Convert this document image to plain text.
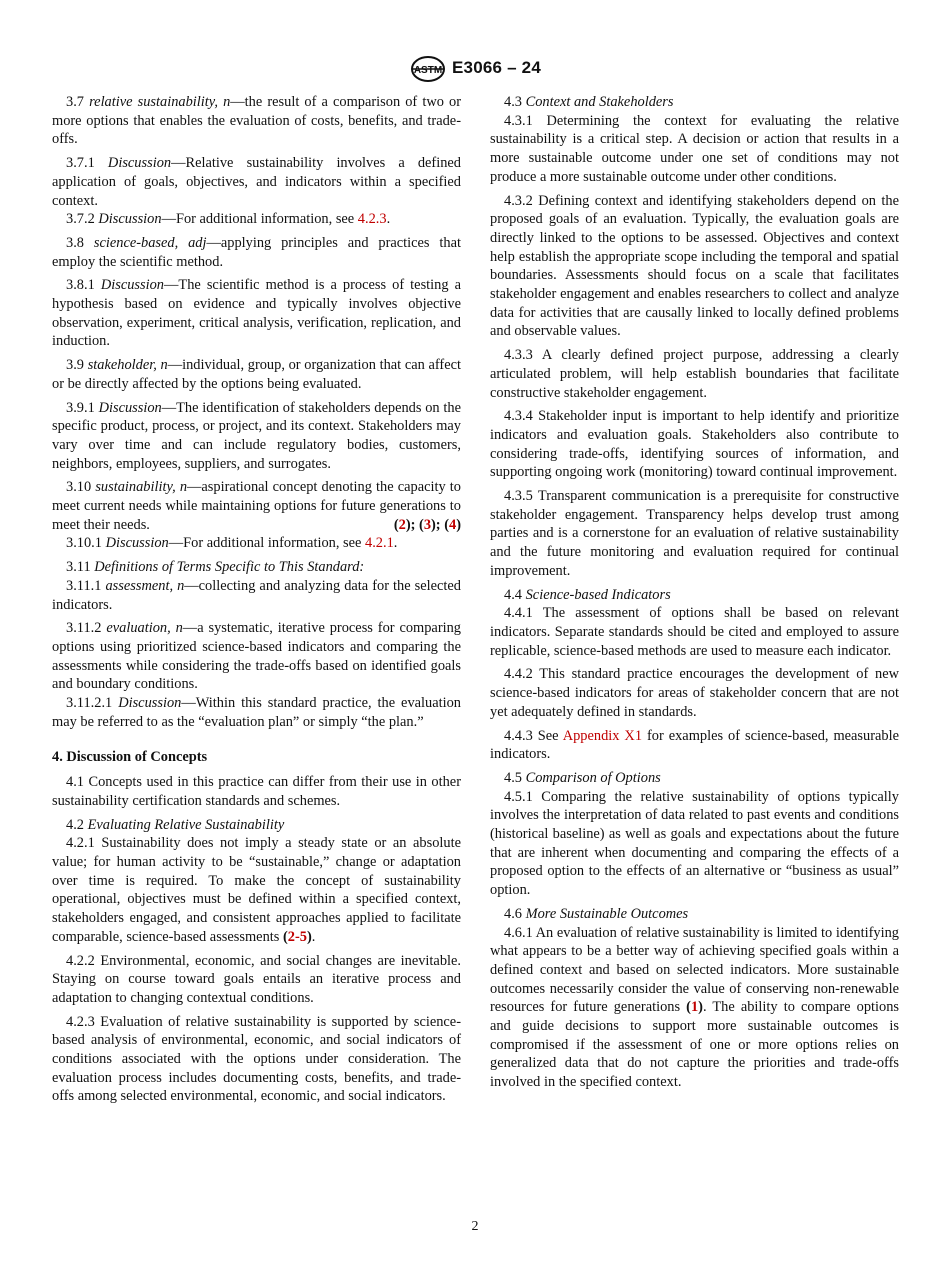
ASTM E3066 – 24

3.7 relative sustainability, n—the result of a comparison of two or more options that enables the evaluation of costs, benefits, and trade-offs.

3.7.1 Discussion—Relative sustainability involves a defined application of goals, objectives, and indicators within a specified context.

3.7.2 Discussion—For additional information, see 4.2.3.

3.8 science-based, adj—applying principles and practices that employ the scientific method.

3.8.1 Discussion—The scientific method is a process of testing a hypothesis based on evidence and typically involves objective observation, experiment, critical analysis, verification, replication, and induction.

3.9 stakeholder, n—individual, group, or organization that can affect or be directly affected by the options being evaluated.

3.9.1 Discussion—The identification of stakeholders depends on the specific product, process, or project, and its context. Stakeholders may vary over time and can include regulatory bodies, customers, neighbors, employees, suppliers, and surrogates.

3.10 sustainability, n—aspirational concept denoting the capacity to meet current needs while maintaining options for future generations to meet their needs.	(2); (3); (4)

3.10.1 Discussion—For additional information, see 4.2.1.

3.11 Definitions of Terms Specific to This Standard:

3.11.1 assessment, n—collecting and analyzing data for the selected indicators.

3.11.2 evaluation, n—a systematic, iterative process for comparing options using prioritized science-based indicators and comparing the assessments while considering the trade-offs based on identified goals and boundary conditions.

3.11.2.1 Discussion—Within this standard practice, the evaluation may be referred to as the “evaluation plan” or simply “the plan.”

4. Discussion of Concepts

4.1 Concepts used in this practice can differ from their use in other sustainability certification standards and schemes.

4.2 Evaluating Relative Sustainability

4.2.1 Sustainability does not imply a steady state or an absolute value; for human activity to be “sustainable,” change or adaptation over time is required. To make the concept of sustainability operational, objectives must be defined within a specified context, stakeholders engaged, and consistent approaches applied to facilitate comparable, science-based assessments (2-5).

4.2.2 Environmental, economic, and social changes are inevitable. Staying on course toward goals entails an iterative process and adaptation to changing contextual conditions.

4.2.3 Evaluation of relative sustainability is supported by science-based analysis of environmental, economic, and social indicators of conditions associated with the options under consideration. The evaluation process includes documenting costs, benefits, and trade-offs among selected environmental, economic, and social indicators.

4.3 Context and Stakeholders

4.3.1 Determining the context for evaluating the relative sustainability is a critical step. A decision or action that results in a more sustainable outcome under one set of conditions may not produce a more sustainable outcome under other conditions.

4.3.2 Defining context and identifying stakeholders depend on the proposed goals of an evaluation. Typically, the evaluation goals are directly linked to the options to be assessed. Objectives and context help establish the appropriate scope including the temporal and spatial boundaries. Assessments should focus on a scale that facilitates stakeholder engagement and enables researchers to collect and analyze data for activities that are causally linked to locally defined problems and observable values.

4.3.3 A clearly defined project purpose, addressing a clearly articulated problem, will help establish boundaries that facilitate constructive stakeholder engagement.

4.3.4 Stakeholder input is important to help identify and prioritize indicators and evaluation goals. Stakeholders also contribute to considering trade-offs, identifying sources of information, and supporting ongoing work (monitoring) toward continual improvement.

4.3.5 Transparent communication is a prerequisite for constructive stakeholder engagement. Transparency helps develop trust among parties and is a cornerstone for an evaluation of relative sustainability and the future monitoring and evaluation required for continual improvement.

4.4 Science-based Indicators

4.4.1 The assessment of options shall be based on relevant indicators. Separate standards should be cited and employed to assure replicable, science-based methods are used to measure each indicator.

4.4.2 This standard practice encourages the development of new science-based indicators for areas of stakeholder concern that are not yet adequately defined in standards.

4.4.3 See Appendix X1 for examples of science-based, measurable indicators.

4.5 Comparison of Options

4.5.1 Comparing the relative sustainability of options typically involves the interpretation of data related to past events and conditions (historical baseline) as well as goals and expectations about the future that are inherent when documenting and comparing the effects of a proposed option to the effects of an alternative or “business as usual” option.

4.6 More Sustainable Outcomes

4.6.1 An evaluation of relative sustainability is limited to identifying what appears to be a better way of achieving specified goals within a defined context and based on selected indicators. More sustainable outcomes necessarily consider the value of conserving non-renewable resources for future generations (1). The ability to compare options and guide decisions to support more sustainable outcomes is compromised if the assessment of one or more options relies on generalized data that do not capture the priorities and trade-offs involved in the specified context.

2
